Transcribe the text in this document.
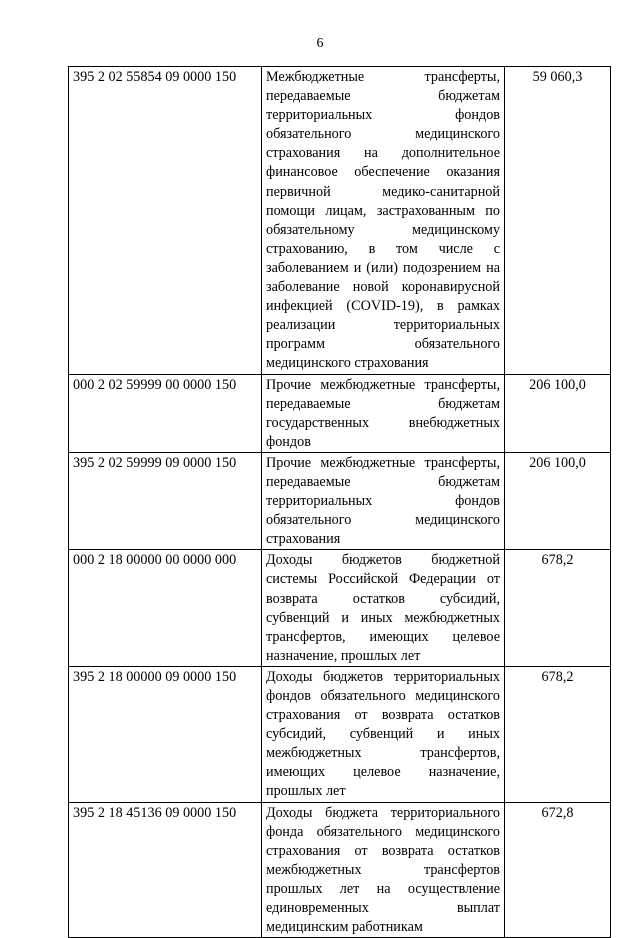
6
395 2 02 55854 09 0000 150	Межбюджетные трансферты, передаваемые бюджетам территориальных фондов обязательного медицинского страхования на дополнительное финансовое обеспечение оказания первичной медико-санитарной помощи лицам, застрахованным по обязательному медицинскому страхованию, в том числе с заболеванием и (или) подозрением на заболевание новой коронавирусной инфекцией (COVID-19), в рамках реализации территориальных программ обязательного медицинского страхования	59 060,3
000 2 02 59999 00 0000 150	Прочие межбюджетные трансферты, передаваемые бюджетам государственных внебюджетных фондов	206 100,0
395 2 02 59999 09 0000 150	Прочие межбюджетные трансферты, передаваемые бюджетам территориальных фондов обязательного медицинского страхования	206 100,0
000 2 18 00000 00 0000 000	Доходы бюджетов бюджетной системы Российской Федерации от возврата остатков субсидий, субвенций и иных межбюджетных трансфертов, имеющих целевое назначение, прошлых лет	678,2
395 2 18 00000 09 0000 150	Доходы бюджетов территориальных фондов обязательного медицинского страхования от возврата остатков субсидий, субвенций и иных межбюджетных трансфертов, имеющих целевое назначение, прошлых лет	678,2
395 2 18 45136 09 0000 150	Доходы бюджета территориального фонда обязательного медицинского страхования от возврата остатков межбюджетных трансфертов прошлых лет на осуществление единовременных выплат медицинским работникам	672,8
